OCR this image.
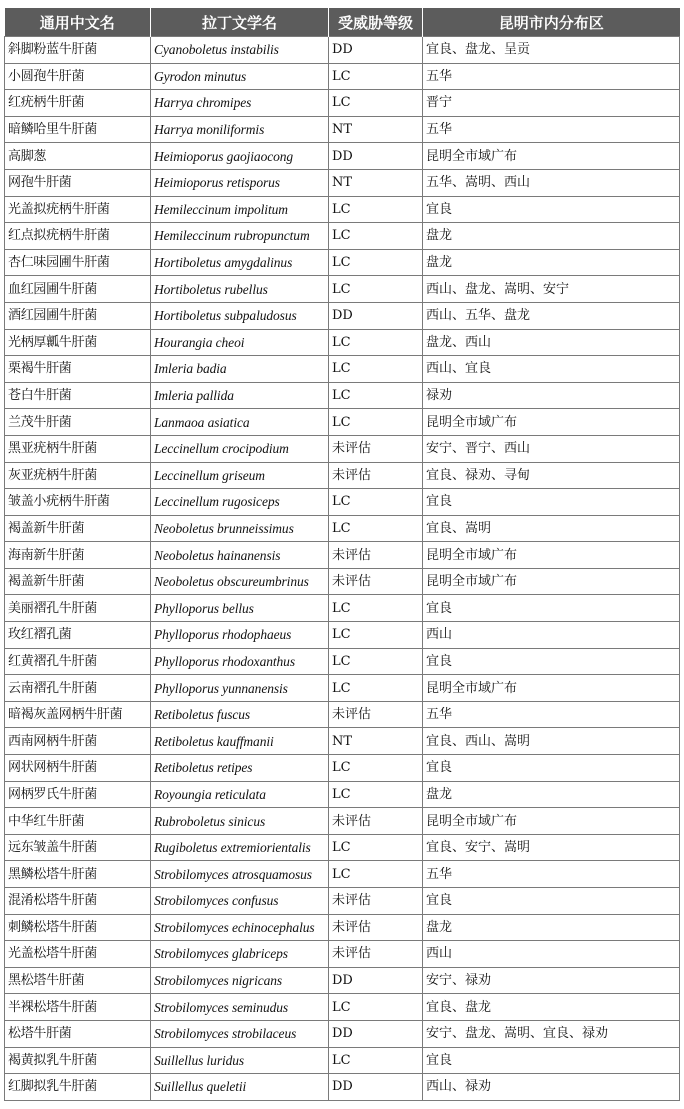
通用中文名	拉丁文学名	受威胁等级	昆明市内分布区
斜脚粉蓝牛肝菌	Cyanoboletus instabilis	DD	宜良、盘龙、呈贡
小圆孢牛肝菌	Gyrodon minutus	LC	五华
红疣柄牛肝菌	Harrya chromipes	LC	晋宁
暗鳞哈里牛肝菌	Harrya moniliformis	NT	五华
高脚葱	Heimioporus gaojiaocong	DD	昆明全市域广布
网孢牛肝菌	Heimioporus retisporus	NT	五华、嵩明、西山
光盖拟疣柄牛肝菌	Hemileccinum impolitum	LC	宜良
红点拟疣柄牛肝菌	Hemileccinum rubropunctum	LC	盘龙
杏仁味园圃牛肝菌	Hortiboletus amygdalinus	LC	盘龙
血红园圃牛肝菌	Hortiboletus rubellus	LC	西山、盘龙、嵩明、安宁
酒红园圃牛肝菌	Hortiboletus subpaludosus	DD	西山、五华、盘龙
光柄厚瓤牛肝菌	Hourangia cheoi	LC	盘龙、西山
栗褐牛肝菌	Imleria badia	LC	西山、宜良
苍白牛肝菌	Imleria pallida	LC	禄劝
兰茂牛肝菌	Lanmaoa asiatica	LC	昆明全市域广布
黑亚疣柄牛肝菌	Leccinellum crocipodium	未评估	安宁、晋宁、西山
灰亚疣柄牛肝菌	Leccinellum griseum	未评估	宜良、禄劝、寻甸
皱盖小疣柄牛肝菌	Leccinellum rugosiceps	LC	宜良
褐盖新牛肝菌	Neoboletus brunneissimus	LC	宜良、嵩明
海南新牛肝菌	Neoboletus hainanensis	未评估	昆明全市域广布
褐盖新牛肝菌	Neoboletus obscureumbrinus	未评估	昆明全市域广布
美丽褶孔牛肝菌	Phylloporus bellus	LC	宜良
玫红褶孔菌	Phylloporus rhodophaeus	LC	西山
红黄褶孔牛肝菌	Phylloporus rhodoxanthus	LC	宜良
云南褶孔牛肝菌	Phylloporus yunnanensis	LC	昆明全市域广布
暗褐灰盖网柄牛肝菌	Retiboletus fuscus	未评估	五华
西南网柄牛肝菌	Retiboletus kauffmanii	NT	宜良、西山、嵩明
网状网柄牛肝菌	Retiboletus retipes	LC	宜良
网柄罗氏牛肝菌	Royoungia reticulata	LC	盘龙
中华红牛肝菌	Rubroboletus sinicus	未评估	昆明全市域广布
远东皱盖牛肝菌	Rugiboletus extremiorientalis	LC	宜良、安宁、嵩明
黑鳞松塔牛肝菌	Strobilomyces atrosquamosus	LC	五华
混淆松塔牛肝菌	Strobilomyces confusus	未评估	宜良
刺鳞松塔牛肝菌	Strobilomyces echinocephalus	未评估	盘龙
光盖松塔牛肝菌	Strobilomyces glabriceps	未评估	西山
黑松塔牛肝菌	Strobilomyces nigricans	DD	安宁、禄劝
半裸松塔牛肝菌	Strobilomyces seminudus	LC	宜良、盘龙
松塔牛肝菌	Strobilomyces strobilaceus	DD	安宁、盘龙、嵩明、宜良、禄劝
褐黄拟乳牛肝菌	Suillellus luridus	LC	宜良
红脚拟乳牛肝菌	Suillellus queletii	DD	西山、禄劝
